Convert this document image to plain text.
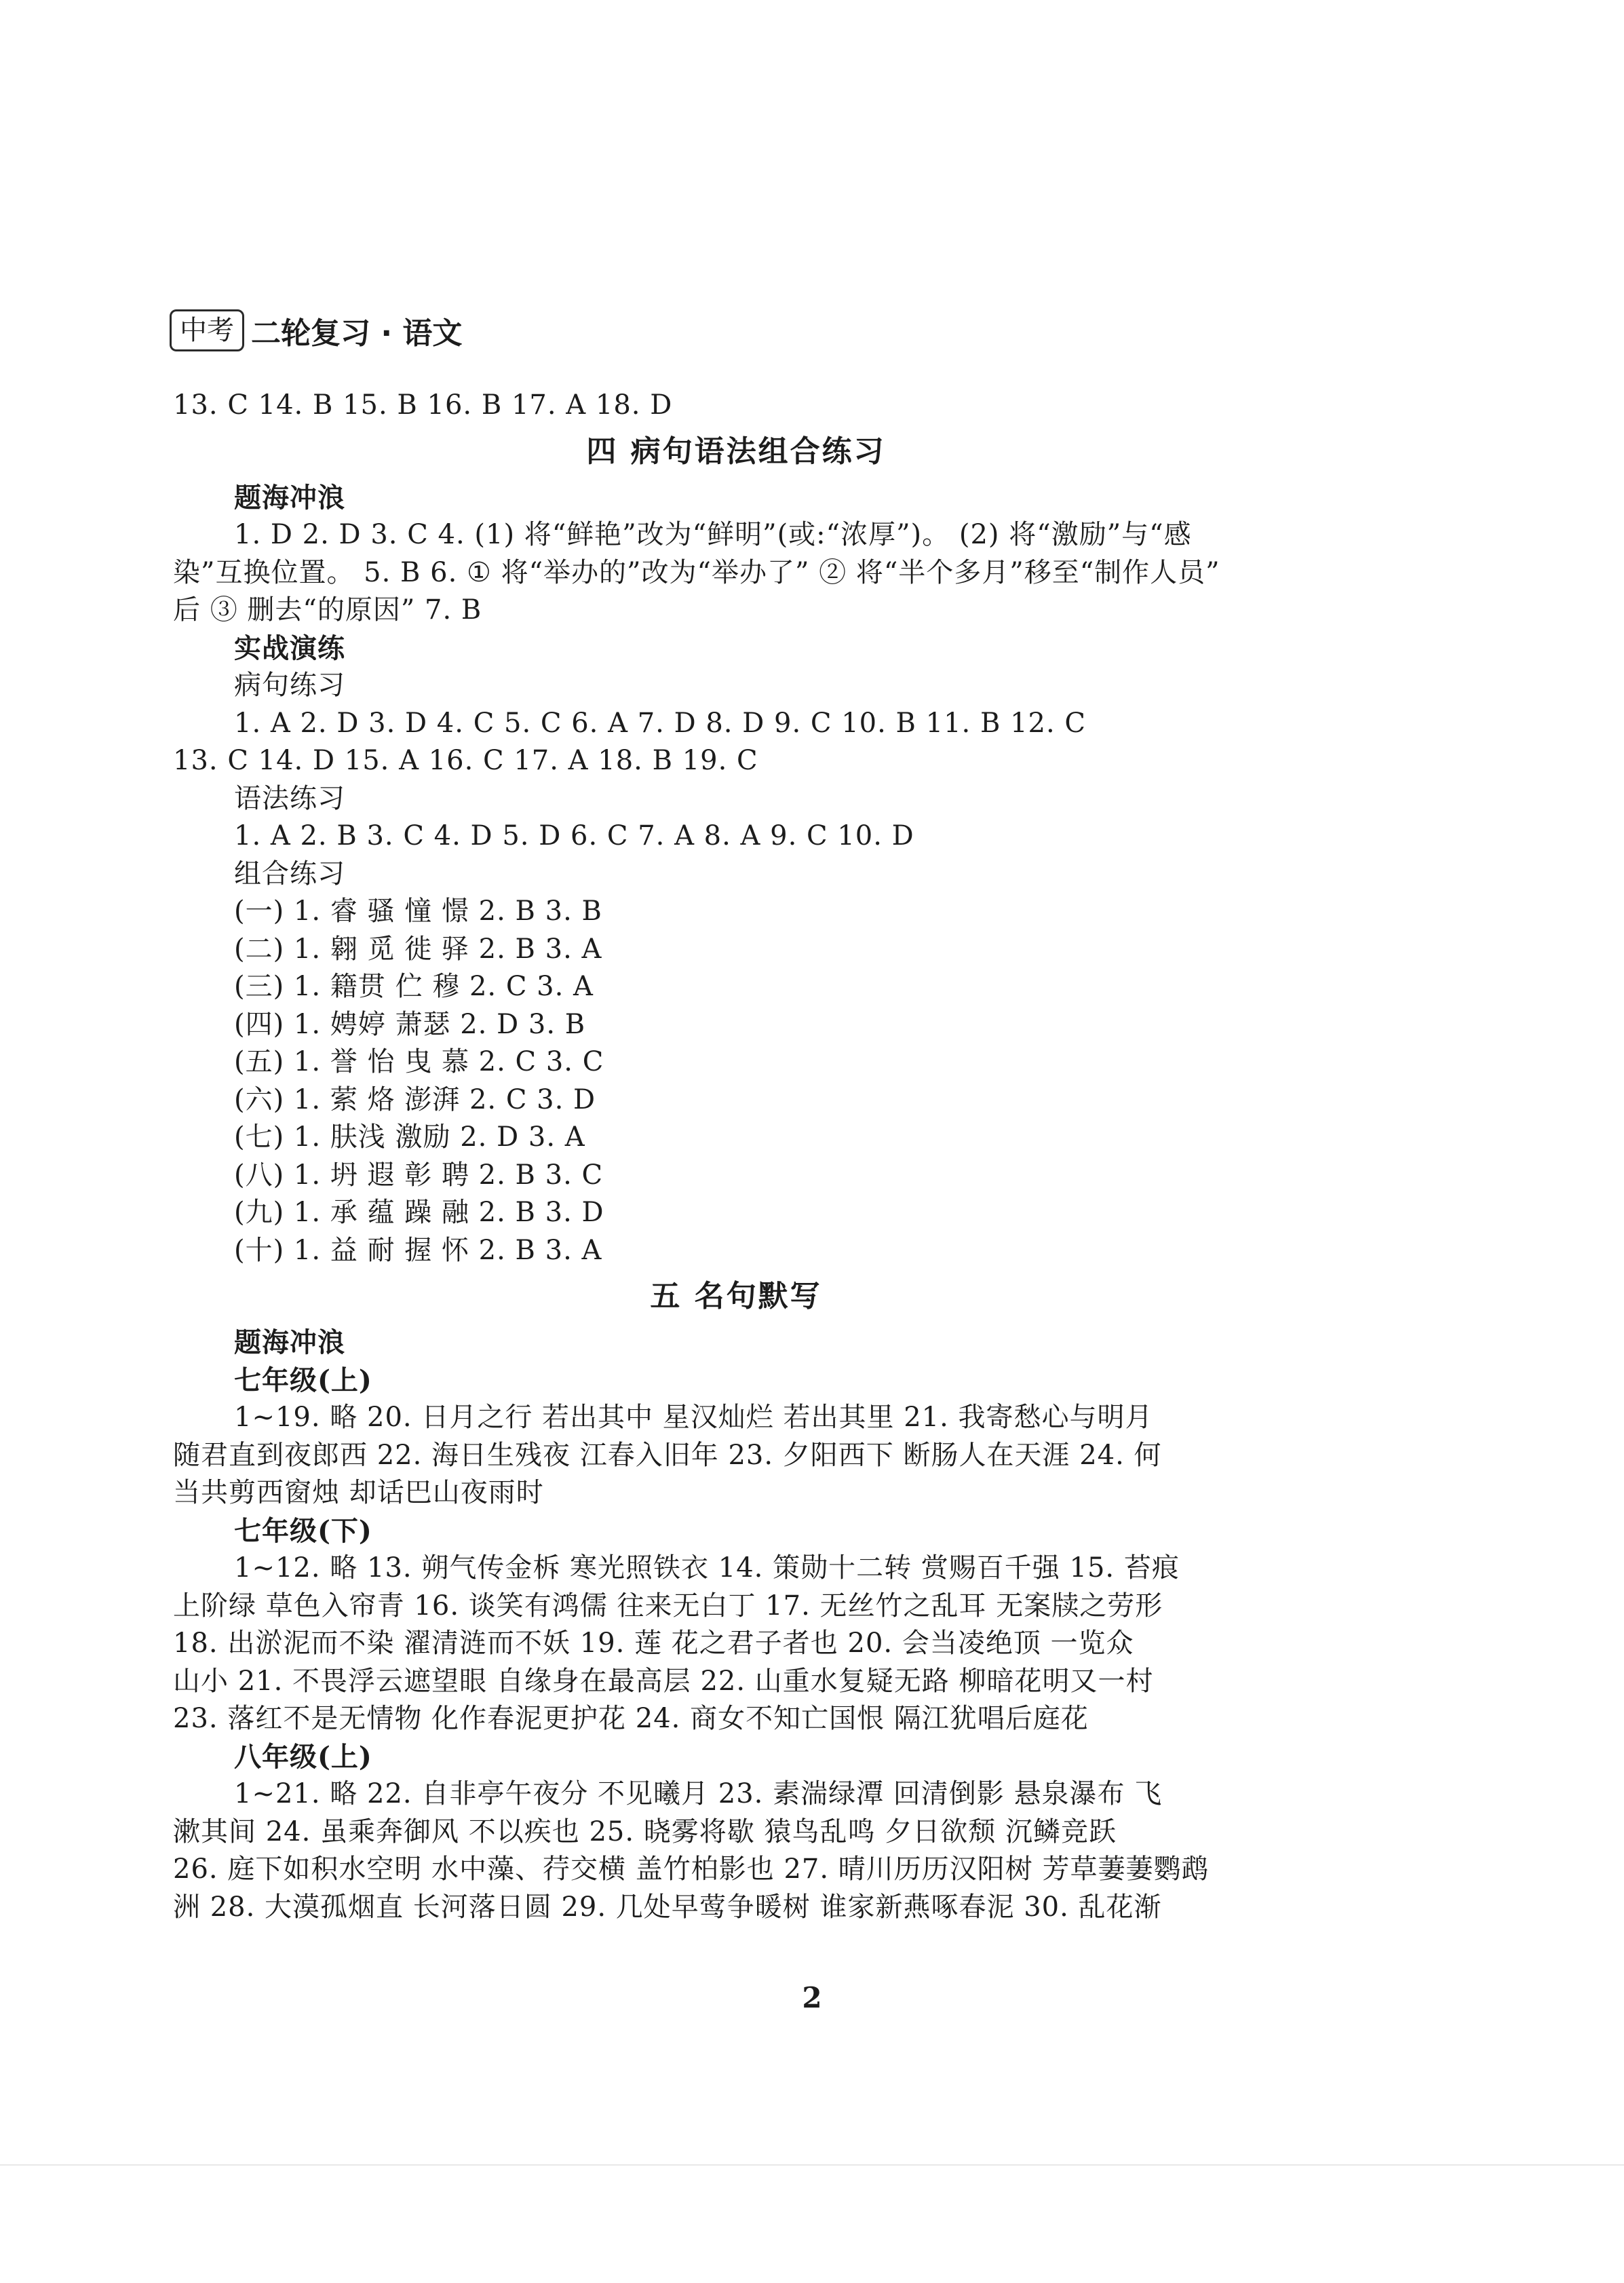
中考 二轮复习 · 语文
13. C 14. B 15. B 16. B 17. A 18. D
四 病句语法组合练习
题海冲浪
1. D 2. D 3. C 4. (1) 将“鲜艳”改为“鲜明”(或:“浓厚”)。 (2) 将“激励”与“感
染”互换位置。 5. B 6. ① 将“举办的”改为“举办了” ② 将“半个多月”移至“制作人员”
后 ③ 删去“的原因” 7. B
实战演练
病句练习
1. A 2. D 3. D 4. C 5. C 6. A 7. D 8. D 9. C 10. B 11. B 12. C
13. C 14. D 15. A 16. C 17. A 18. B 19. C
语法练习
1. A 2. B 3. C 4. D 5. D 6. C 7. A 8. A 9. C 10. D
组合练习
(一) 1. 睿 骚 憧 憬 2. B 3. B
(二) 1. 翱 觅 徙 驿 2. B 3. A
(三) 1. 籍贯 伫 穆 2. C 3. A
(四) 1. 娉婷 萧瑟 2. D 3. B
(五) 1. 誉 怡 曳 慕 2. C 3. C
(六) 1. 萦 烙 澎湃 2. C 3. D
(七) 1. 肤浅 激励 2. D 3. A
(八) 1. 坍 遐 彰 聘 2. B 3. C
(九) 1. 承 蕴 躁 融 2. B 3. D
(十) 1. 益 耐 握 怀 2. B 3. A
五 名句默写
题海冲浪
七年级(上)
1~19. 略 20. 日月之行 若出其中 星汉灿烂 若出其里 21. 我寄愁心与明月
随君直到夜郎西 22. 海日生残夜 江春入旧年 23. 夕阳西下 断肠人在天涯 24. 何
当共剪西窗烛 却话巴山夜雨时
七年级(下)
1~12. 略 13. 朔气传金柝 寒光照铁衣 14. 策勋十二转 赏赐百千强 15. 苔痕
上阶绿 草色入帘青 16. 谈笑有鸿儒 往来无白丁 17. 无丝竹之乱耳 无案牍之劳形
18. 出淤泥而不染 濯清涟而不妖 19. 莲 花之君子者也 20. 会当凌绝顶 一览众
山小 21. 不畏浮云遮望眼 自缘身在最高层 22. 山重水复疑无路 柳暗花明又一村
23. 落红不是无情物 化作春泥更护花 24. 商女不知亡国恨 隔江犹唱后庭花
八年级(上)
1~21. 略 22. 自非亭午夜分 不见曦月 23. 素湍绿潭 回清倒影 悬泉瀑布 飞
漱其间 24. 虽乘奔御风 不以疾也 25. 晓雾将歇 猿鸟乱鸣 夕日欲颓 沉鳞竞跃
26. 庭下如积水空明 水中藻、荇交横 盖竹柏影也 27. 晴川历历汉阳树 芳草萋萋鹦鹉
洲 28. 大漠孤烟直 长河落日圆 29. 几处早莺争暖树 谁家新燕啄春泥 30. 乱花渐
2
